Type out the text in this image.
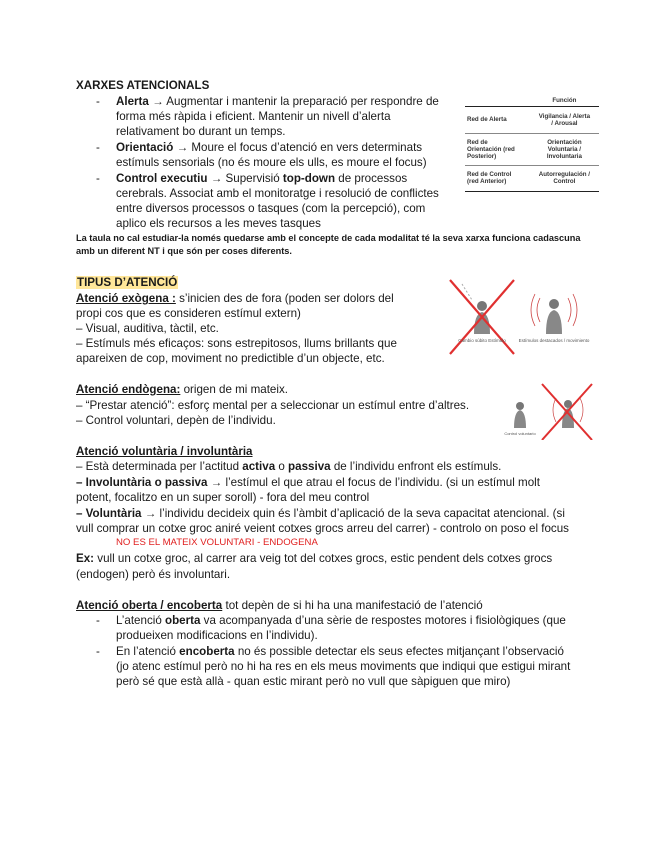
XARXES ATENCIONALS
- Alerta → Augmentar i mantenir la preparació per respondre de
forma més ràpida i eficient. Mantenir un nivell d’alerta
relativament bo durant un temps.
- Orientació → Moure el focus d’atenció en vers determinats
estímuls sensorials (no és moure els ulls, es moure el focus)
- Control executiu → Supervisió top-down de processos
cerebrals. Associat amb el monitoratge i resolució de conflictes
entre diversos processos o tasques (com la percepció), com
aplico els recursos a les meves tasques
La taula no cal estudiar-la només quedarse amb el concepte de cada modalitat té la seva xarxa funciona cadascuna
amb un diferent NT i que són per coses diferents.
	Función
Red de Alerta	Vigilancia / Alerta
/ Arousal
Red de
Orientación (red
Posterior)	Orientación
Voluntaria /
Involuntaria
Red de Control
(red Anterior)	Autorregulación /
Control
TIPUS D’ATENCIÓ
Atenció exògena : s’inicien des de fora (poden ser dolors del
propi cos que es consideren estímul extern)
– Visual, auditiva, tàctil, etc.
– Estímuls més eficaços: sons estrepitosos, llums brillants que
apareixen de cop, moviment no predictible d’un objecte, etc.
Cambio súbito Estímulo	Estímulos destacados / movimiento
Atenció endògena: origen de mi mateix.
– “Prestar atenció”: esforç mental per a seleccionar un estímul entre d’altres.
– Control voluntari, depèn de l’individu.
Control voluntario
Atenció voluntària / involuntària
– Està determinada per l’actitud activa o passiva de l’individu enfront els estímuls.
– Involuntària o passiva → l’estímul el que atrau el focus de l’individu. (si un estímul molt
potent, focalitzo en un super soroll) - fora del meu control
– Voluntària → l’individu decideix quin és l’àmbit d’aplicació de la seva capacitat atencional. (si
vull comprar un cotxe groc aniré veient cotxes grocs arreu del carrer) - controlo on poso el focus
NO ES EL MATEIX VOLUNTARI - ENDOGENA
Ex: vull un cotxe groc, al carrer ara veig tot del cotxes grocs, estic pendent dels cotxes grocs
(endogen) però és involuntari.
Atenció oberta / encoberta tot depèn de si hi ha una manifestació de l’atenció
- L’atenció oberta va acompanyada d’una sèrie de respostes motores i fisiològiques (que
produeixen modificacions en l’individu).
- En l’atenció encoberta no és possible detectar els seus efectes mitjançant l’observació
(jo atenc estímul però no hi ha res en els meus moviments que indiqui que estigui mirant
però sé que està allà - quan estic mirant però no vull que sàpiguen que miro)
